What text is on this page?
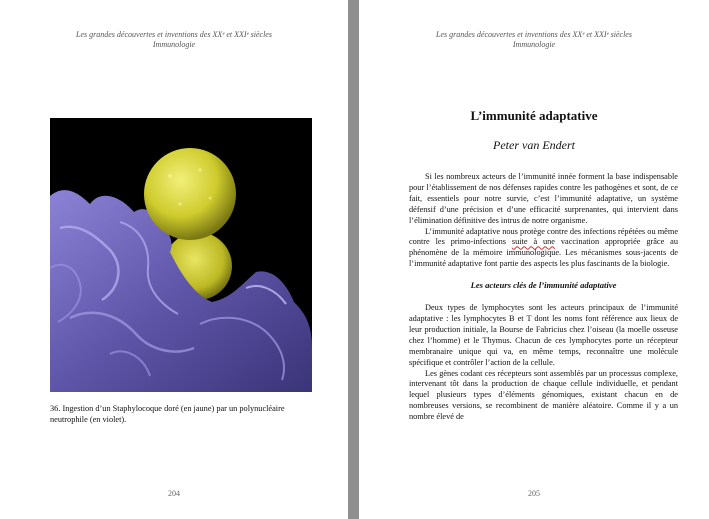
Les grandes découvertes et inventions des XXᵉ et XXIᵉ siècles
Immunologie
36. Ingestion d’un Staphylocoque doré (en jaune) par un polynucléaire neutrophile (en violet).
204
Les grandes découvertes et inventions des XXᵉ et XXIᵉ siècles
Immunologie
L’immunité adaptative
Peter van Endert

Si les nombreux acteurs de l’immunité innée forment la base indispensable pour l’établissement de nos défenses rapides contre les pathogènes et sont, de ce fait, essentiels pour notre survie, c’est l’immunité adaptative, un système défensif d’une précision et d’une efficacité surprenantes, qui intervient dans l’élimination définitive des intrus de notre organisme.

L’immunité adaptative nous protège contre des infections répétées ou même contre les primo-infections suite à une vaccination appropriée grâce au phénomène de la mémoire immunologique. Les mécanismes sous-jacents de l’immunité adaptative font partie des aspects les plus fascinants de la biologie.

Les acteurs clés de l’immunité adaptative

Deux types de lymphocytes sont les acteurs principaux de l’immunité adaptative : les lymphocytes B et T dont les noms font référence aux lieux de leur production initiale, la Bourse de Fabricius chez l’oiseau (la moelle osseuse chez l’homme) et le Thymus. Chacun de ces lymphocytes porte un récepteur membranaire unique qui va, en même temps, reconnaître une molécule spécifique et contrôler l’action de la cellule.

Les gènes codant ces récepteurs sont assemblés par un processus complexe, intervenant tôt dans la production de chaque cellule individuelle, et pendant lequel plusieurs types d’éléments génomiques, existant chacun en de nombreuses versions, se recombinent de manière aléatoire. Comme il y a un nombre élevé de

205
